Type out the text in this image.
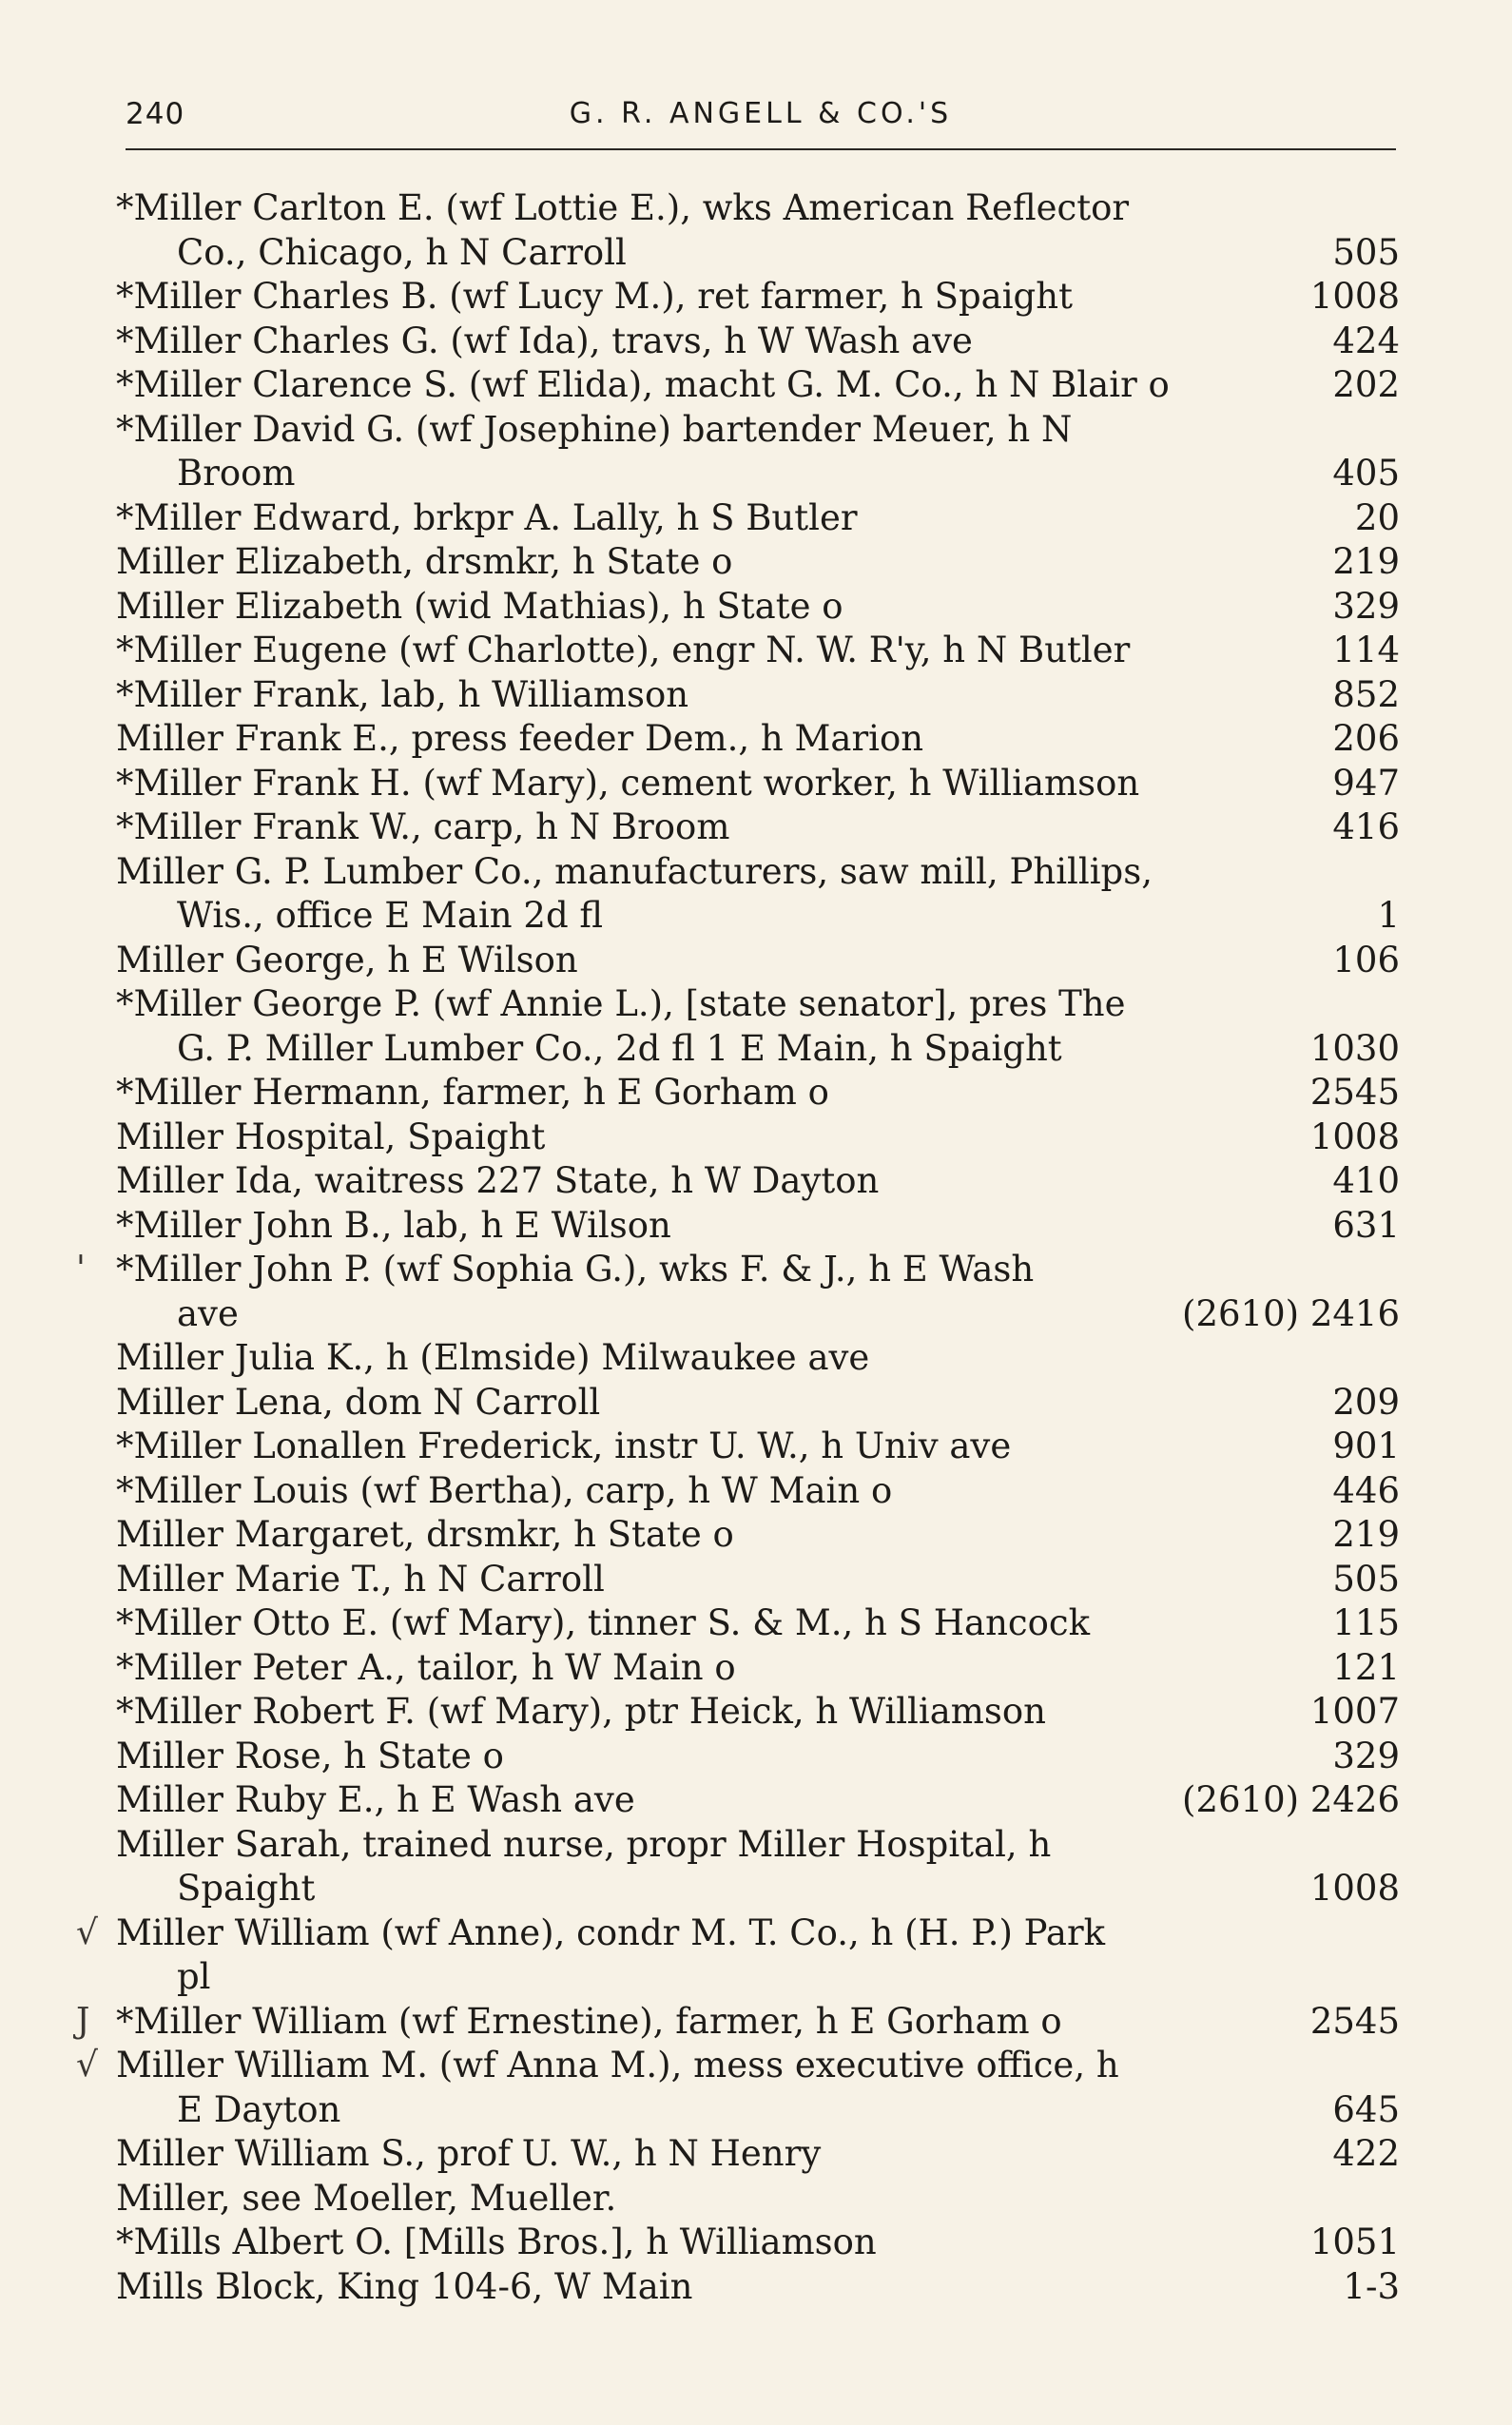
240	G. R. ANGELL & CO.'S
*Miller Carlton E. (wf Lottie E.), wks American Reflector
Co., Chicago, h N Carroll	505
*Miller Charles B. (wf Lucy M.), ret farmer, h Spaight	1008
*Miller Charles G. (wf Ida), travs, h W Wash ave	424
*Miller Clarence S. (wf Elida), macht G. M. Co., h N Blair o	202
*Miller David G. (wf Josephine) bartender Meuer, h N
Broom	405
*Miller Edward, brkpr A. Lally, h S Butler	20
Miller Elizabeth, drsmkr, h State o	219
Miller Elizabeth (wid Mathias), h State o	329
*Miller Eugene (wf Charlotte), engr N. W. R'y, h N Butler	114
*Miller Frank, lab, h Williamson	852
Miller Frank E., press feeder Dem., h Marion	206
*Miller Frank H. (wf Mary), cement worker, h Williamson	947
*Miller Frank W., carp, h N Broom	416
Miller G. P. Lumber Co., manufacturers, saw mill, Phillips,
Wis., office E Main 2d fl	1
Miller George, h E Wilson	106
*Miller George P. (wf Annie L.), [state senator], pres The
G. P. Miller Lumber Co., 2d fl 1 E Main, h Spaight	1030
*Miller Hermann, farmer, h E Gorham o	2545
Miller Hospital, Spaight	1008
Miller Ida, waitress 227 State, h W Dayton	410
*Miller John B., lab, h E Wilson	631
' *Miller John P. (wf Sophia G.), wks F. & J., h E Wash
ave	(2610) 2416
Miller Julia K., h (Elmside) Milwaukee ave
Miller Lena, dom N Carroll	209
*Miller Lonallen Frederick, instr U. W., h Univ ave	901
*Miller Louis (wf Bertha), carp, h W Main o	446
Miller Margaret, drsmkr, h State o	219
Miller Marie T., h N Carroll	505
*Miller Otto E. (wf Mary), tinner S. & M., h S Hancock	115
*Miller Peter A., tailor, h W Main o	121
*Miller Robert F. (wf Mary), ptr Heick, h Williamson	1007
Miller Rose, h State o	329
Miller Ruby E., h E Wash ave	(2610) 2426
Miller Sarah, trained nurse, propr Miller Hospital, h
Spaight	1008
√ Miller William (wf Anne), condr M. T. Co., h (H. P.) Park
pl
J *Miller William (wf Ernestine), farmer, h E Gorham o	2545
√ Miller William M. (wf Anna M.), mess executive office, h
E Dayton	645
Miller William S., prof U. W., h N Henry	422
Miller, see Moeller, Mueller.
*Mills Albert O. [Mills Bros.], h Williamson	1051
Mills Block, King 104-6, W Main	1-3
